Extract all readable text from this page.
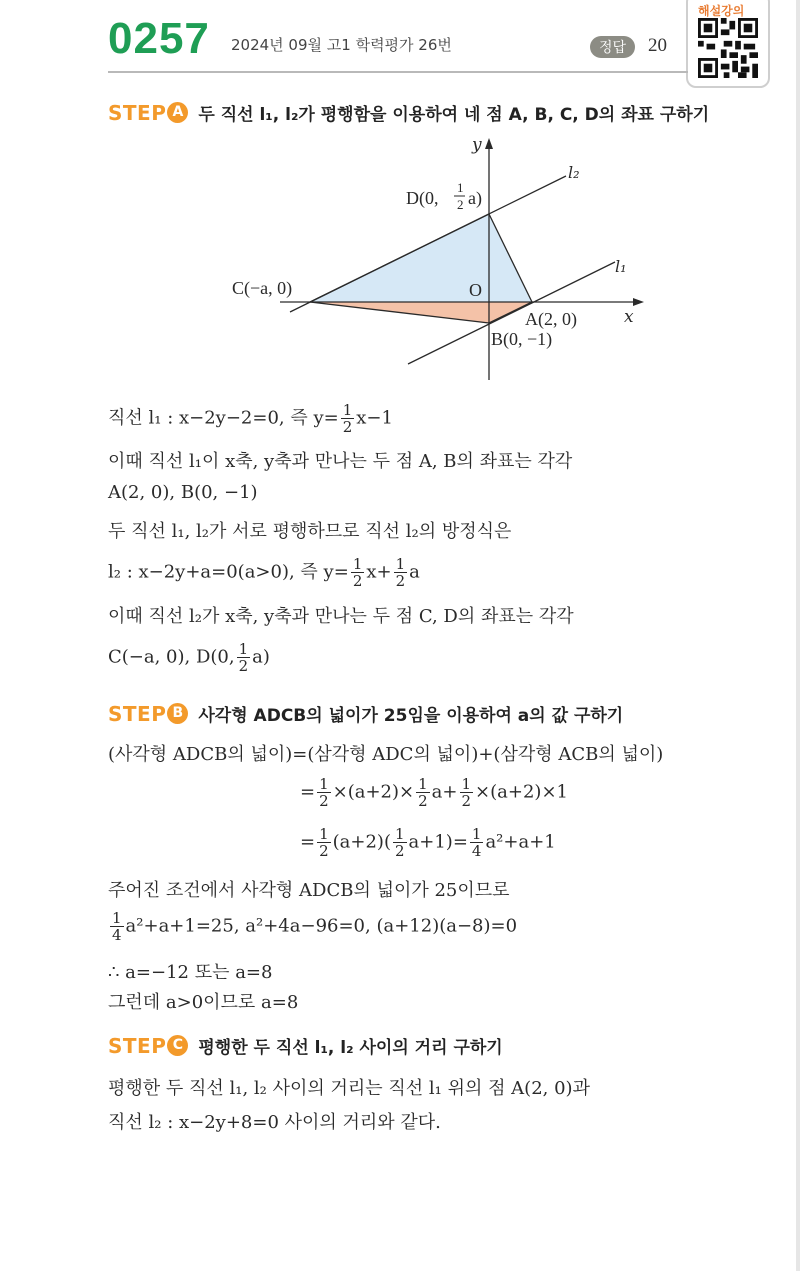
0257 2024년 09월 고1 학력평가 26번	정답	20
해설강의
STEP A 두 직선 l₁, l₂가 평행함을 이용하여 네 점 A, B, C, D의 좌표 구하기
y
x
O
l₂
l₁
A(2, 0)
B(0, −1)
C(−a, 0)
D(0,
1
2 a)
직선 l₁ : x−2y−2=0, 즉 $y= \frac{1}{2} x-1$
이때 직선 l₁이 x축, y축과 만나는 두 점 A, B의 좌표는 각각
A(2, 0), B(0, −1)
두 직선 l₁, l₂가 서로 평행하므로 직선 l₂의 방정식은
l₂ : x−2y+a=0(a>0), 즉 $y= \frac{1}{2} x+ \frac{1}{2}$ a
이때 직선 l₂가 x축, y축과 만나는 두 점 C, D의 좌표는 각각
C(−a, 0), D(0, $\frac{1}{2} a$)
STEP B 사각형 ADCB의 넓이가 25임을 이용하여 a의 값 구하기
(사각형 ADCB의 넓이)=(삼각형 ADC의 넓이)+(삼각형 ACB의 넓이)
= $\frac{1}{2} \times(a+2)\times \frac{1}{2} a+ \frac{1}{2} \times(a+2)\times 1$
= $\frac{1}{2} (a+2)( \frac{1}{2} a+1)= \frac{1}{4} a^2+a+1$
주어진 조건에서 사각형 ADCB의 넓이가 25이므로
$\frac{1}{4} a^2+a+1=25$, a²+4a−96=0, (a+12)(a−8)=0
∴ a=−12 또는 a=8
그런데 a>0이므로 a=8
STEP C 평행한 두 직선 l₁, l₂ 사이의 거리 구하기
평행한 두 직선 l₁, l₂ 사이의 거리는 직선 l₁ 위의 점 A(2, 0)과
직선 l₂ : x−2y+8=0 사이의 거리와 같다.
